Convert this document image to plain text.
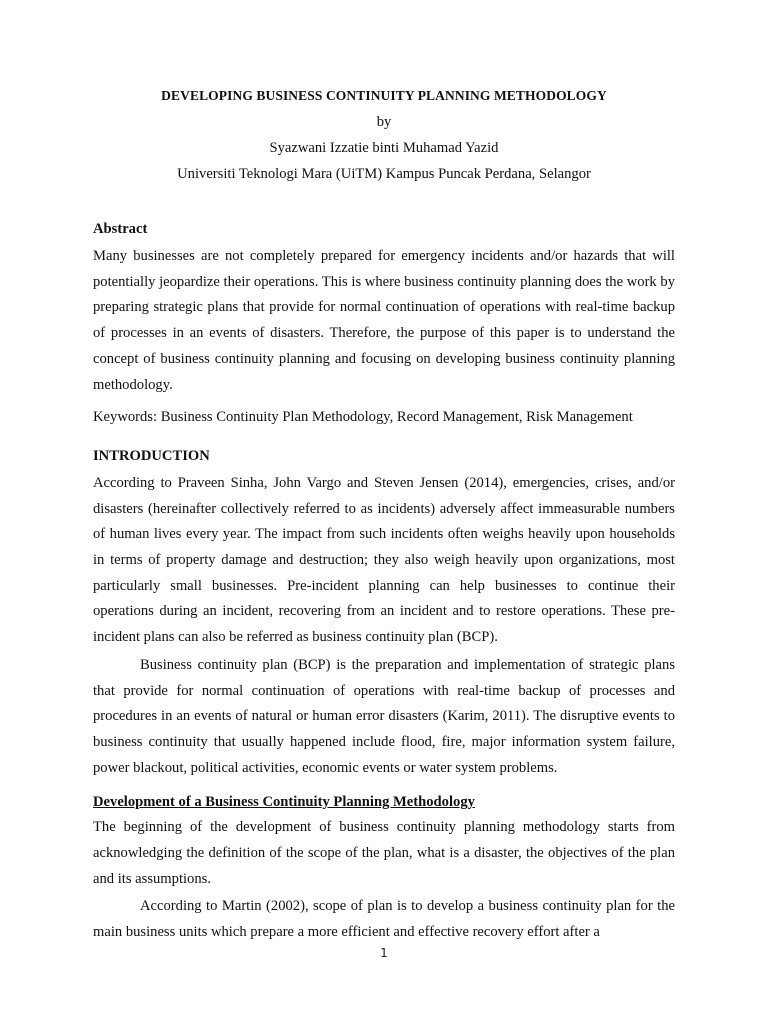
DEVELOPING BUSINESS CONTINUITY PLANNING METHODOLOGY
by
Syazwani Izzatie binti Muhamad Yazid
Universiti Teknologi Mara (UiTM) Kampus Puncak Perdana, Selangor
Abstract

Many businesses are not completely prepared for emergency incidents and/or hazards that will potentially jeopardize their operations. This is where business continuity planning does the work by preparing strategic plans that provide for normal continuation of operations with real-time backup of processes in an events of disasters. Therefore, the purpose of this paper is to understand the concept of business continuity planning and focusing on developing business continuity planning methodology.

Keywords: Business Continuity Plan Methodology, Record Management, Risk Management

INTRODUCTION

According to Praveen Sinha, John Vargo and Steven Jensen (2014), emergencies, crises, and/or disasters (hereinafter collectively referred to as incidents) adversely affect immeasurable numbers of human lives every year. The impact from such incidents often weighs heavily upon households in terms of property damage and destruction; they also weigh heavily upon organizations, most particularly small businesses. Pre-incident planning can help businesses to continue their operations during an incident, recovering from an incident and to restore operations. These pre-incident plans can also be referred as business continuity plan (BCP).

Business continuity plan (BCP) is the preparation and implementation of strategic plans that provide for normal continuation of operations with real-time backup of processes and procedures in an events of natural or human error disasters (Karim, 2011). The disruptive events to business continuity that usually happened include flood, fire, major information system failure, power blackout, political activities, economic events or water system problems.

Development of a Business Continuity Planning Methodology

The beginning of the development of business continuity planning methodology starts from acknowledging the definition of the scope of the plan, what is a disaster, the objectives of the plan and its assumptions.

According to Martin (2002), scope of plan is to develop a business continuity plan for the main business units which prepare a more efficient and effective recovery effort after a

1
